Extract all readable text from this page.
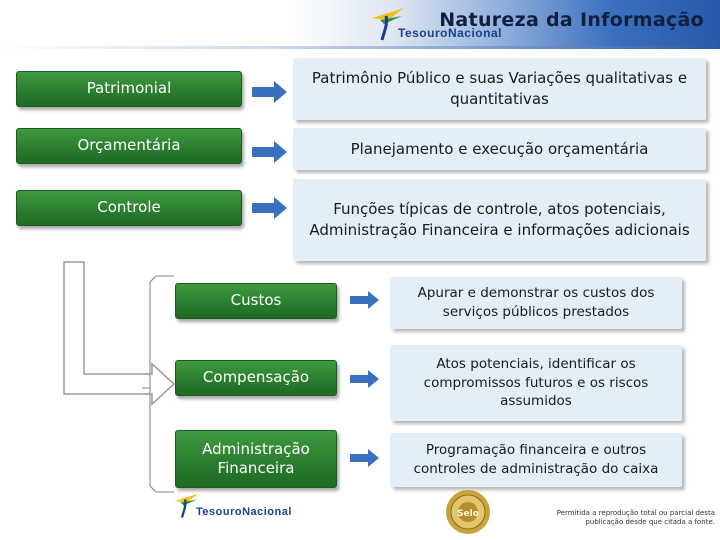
TesouroNacional
Natureza da Informação
Patrimonial
Orçamentária
Controle
Patrimônio Público e suas Variações qualitativas e quantitativas
Planejamento e execução orçamentária
Funções típicas de controle, atos potenciais, Administração Financeira e informações adicionais
Custos
Compensação
Administração Financeira
Apurar e demonstrar os custos dos serviços públicos prestados
Atos potenciais, identificar os compromissos futuros e os riscos assumidos
Programação financeira e outros controles de administração do caixa
TesouroNacional	Selo	Permitida a reprodução total ou parcial desta publicação desde que citada a fonte.
